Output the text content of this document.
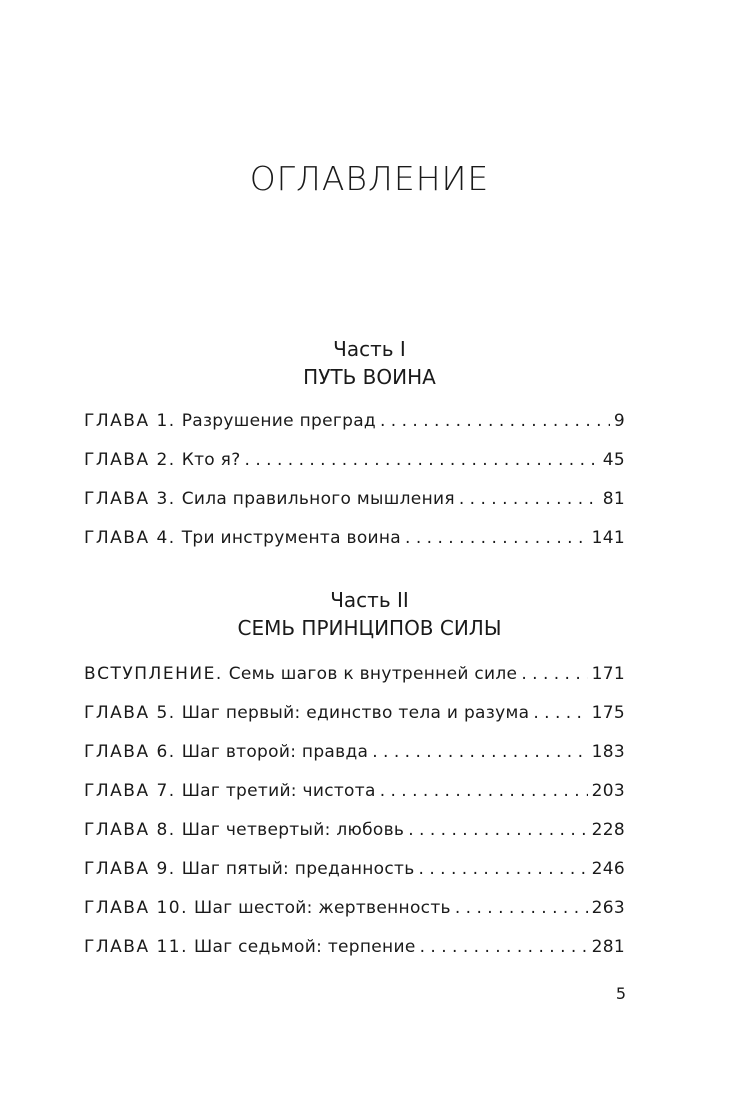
ОГЛАВЛЕНИЕ
Часть I
ПУТЬ ВОИНА
ГЛАВА 1. Разрушение преград . . .	9
ГЛАВА 2. Кто я? . . .	45
ГЛАВА 3. Сила правильного мышления . . .	81
ГЛАВА 4. Три инструмента воина . . .	141
Часть II
СЕМЬ ПРИНЦИПОВ СИЛЫ
ВСТУПЛЕНИЕ. Семь шагов к внутренней силе . . .	171
ГЛАВА 5. Шаг первый: единство тела и разума . . .	175
ГЛАВА 6. Шаг второй: правда . . .	183
ГЛАВА 7. Шаг третий: чистота . . .	203
ГЛАВА 8. Шаг четвертый: любовь . . .	228
ГЛАВА 9. Шаг пятый: преданность . . .	246
ГЛАВА 10. Шаг шестой: жертвенность . . .	263
ГЛАВА 11. Шаг седьмой: терпение . . .	281
5
